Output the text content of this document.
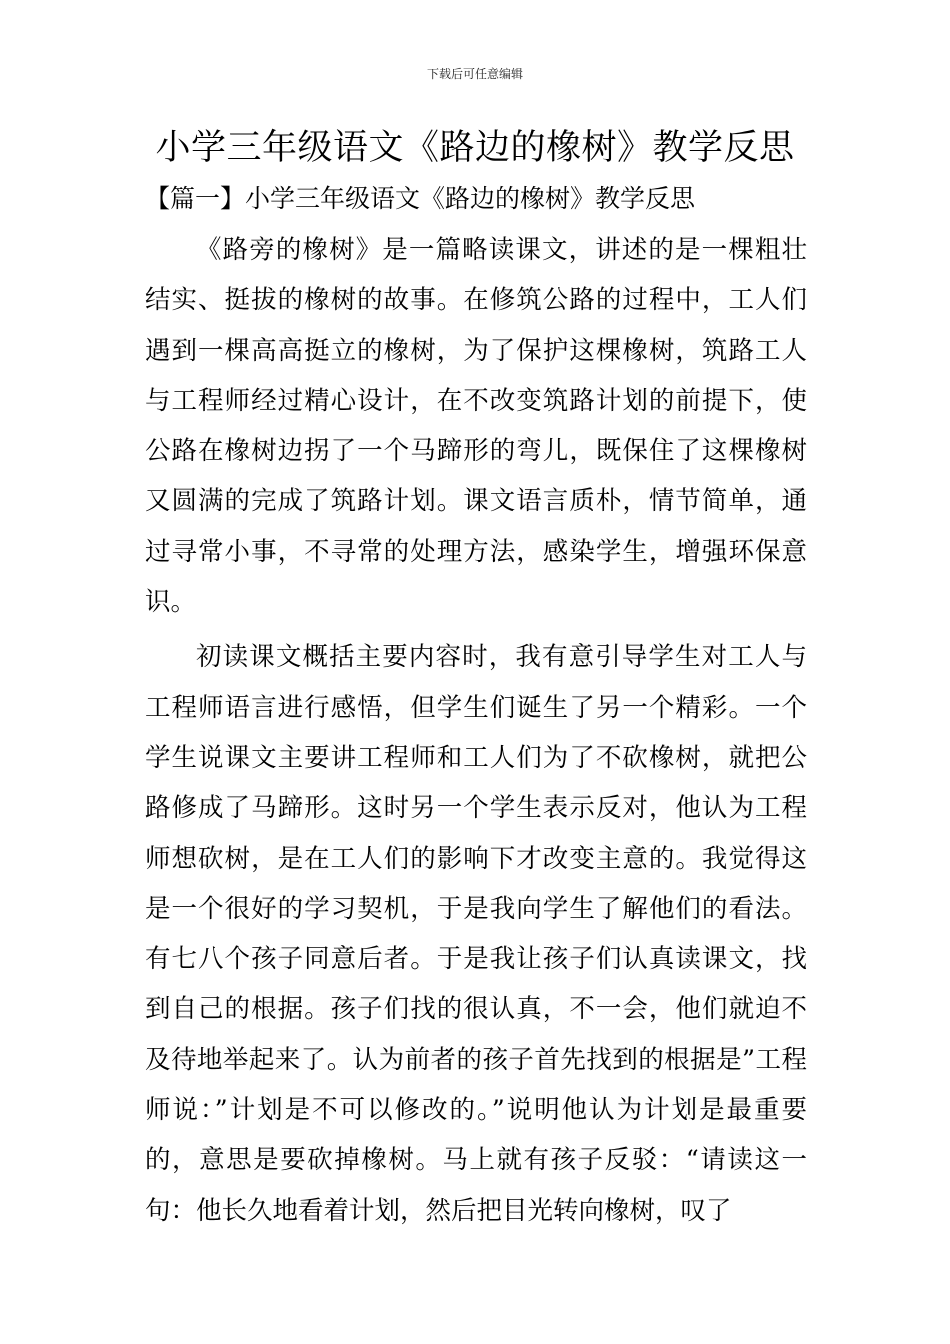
下载后可任意编辑
小学三年级语文《路边的橡树》教学反思
【篇一】小学三年级语文《路边的橡树》教学反思

《路旁的橡树》是一篇略读课文，讲述的是一棵粗壮结实、挺拔的橡树的故事。在修筑公路的过程中，工人们遇到一棵高高挺立的橡树，为了保护这棵橡树，筑路工人与工程师经过精心设计，在不改变筑路计划的前提下，使公路在橡树边拐了一个马蹄形的弯儿，既保住了这棵橡树又圆满的完成了筑路计划。课文语言质朴，情节简单，通过寻常小事，不寻常的处理方法，感染学生，增强环保意识。

初读课文概括主要内容时，我有意引导学生对工人与工程师语言进行感悟，但学生们诞生了另一个精彩。一个学生说课文主要讲工程师和工人们为了不砍橡树，就把公路修成了马蹄形。这时另一个学生表示反对，他认为工程师想砍树，是在工人们的影响下才改变主意的。我觉得这是一个很好的学习契机，于是我向学生了解他们的看法。有七八个孩子同意后者。于是我让孩子们认真读课文，找到自己的根据。孩子们找的很认真，不一会，他们就迫不及待地举起来了。认为前者的孩子首先找到的根据是”工程师说：”计划是不可以修改的。”说明他认为计划是最重要的，意思是要砍掉橡树。马上就有孩子反驳：“请读这一句：他长久地看着计划，然后把目光转向橡树，叹了
